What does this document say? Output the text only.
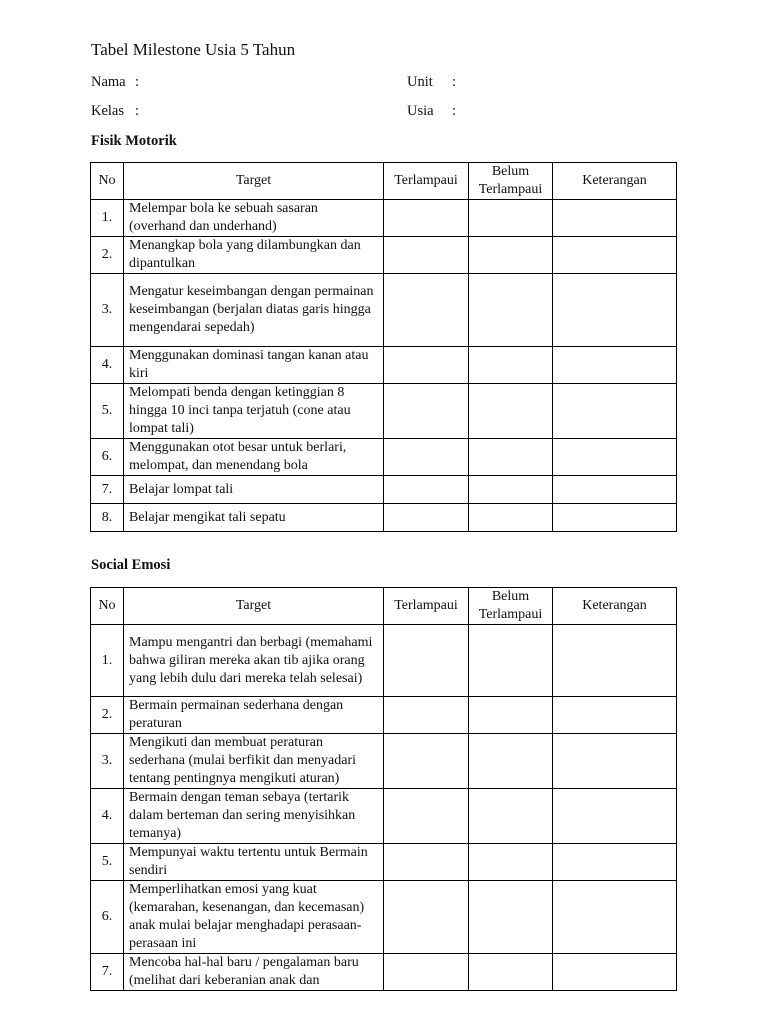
Tabel Milestone Usia 5 Tahun
Nama :
Kelas :
Unit :
Usia :
Fisik Motorik
No	Target	Terlampaui	Belum Terlampaui	Keterangan
1.	Melempar bola ke sebuah sasaran (overhand dan underhand)			
2.	Menangkap bola yang dilambungkan dan dipantulkan			
3.	Mengatur keseimbangan dengan permainan keseimbangan (berjalan diatas garis hingga mengendarai sepedah)			
4.	Menggunakan dominasi tangan kanan atau kiri			
5.	Melompati benda dengan ketinggian 8 hingga 10 inci tanpa terjatuh (cone atau lompat tali)			
6.	Menggunakan otot besar untuk berlari, melompat, dan menendang bola			
7.	Belajar lompat tali			
8.	Belajar mengikat tali sepatu			
Social Emosi
No	Target	Terlampaui	Belum Terlampaui	Keterangan
1.	Mampu mengantri dan berbagi (memahami bahwa giliran mereka akan tib ajika orang yang lebih dulu dari mereka telah selesai)			
2.	Bermain permainan sederhana dengan peraturan			
3.	Mengikuti dan membuat peraturan sederhana (mulai berfikit dan menyadari tentang pentingnya mengikuti aturan)			
4.	Bermain dengan teman sebaya (tertarik dalam berteman dan sering menyisihkan temanya)			
5.	Mempunyai waktu tertentu untuk Bermain sendiri			
6.	Memperlihatkan emosi yang kuat (kemarahan, kesenangan, dan kecemasan) anak mulai belajar menghadapi perasaan-perasaan ini			
7.	Mencoba hal-hal baru / pengalaman baru (melihat dari keberanian anak dan			
